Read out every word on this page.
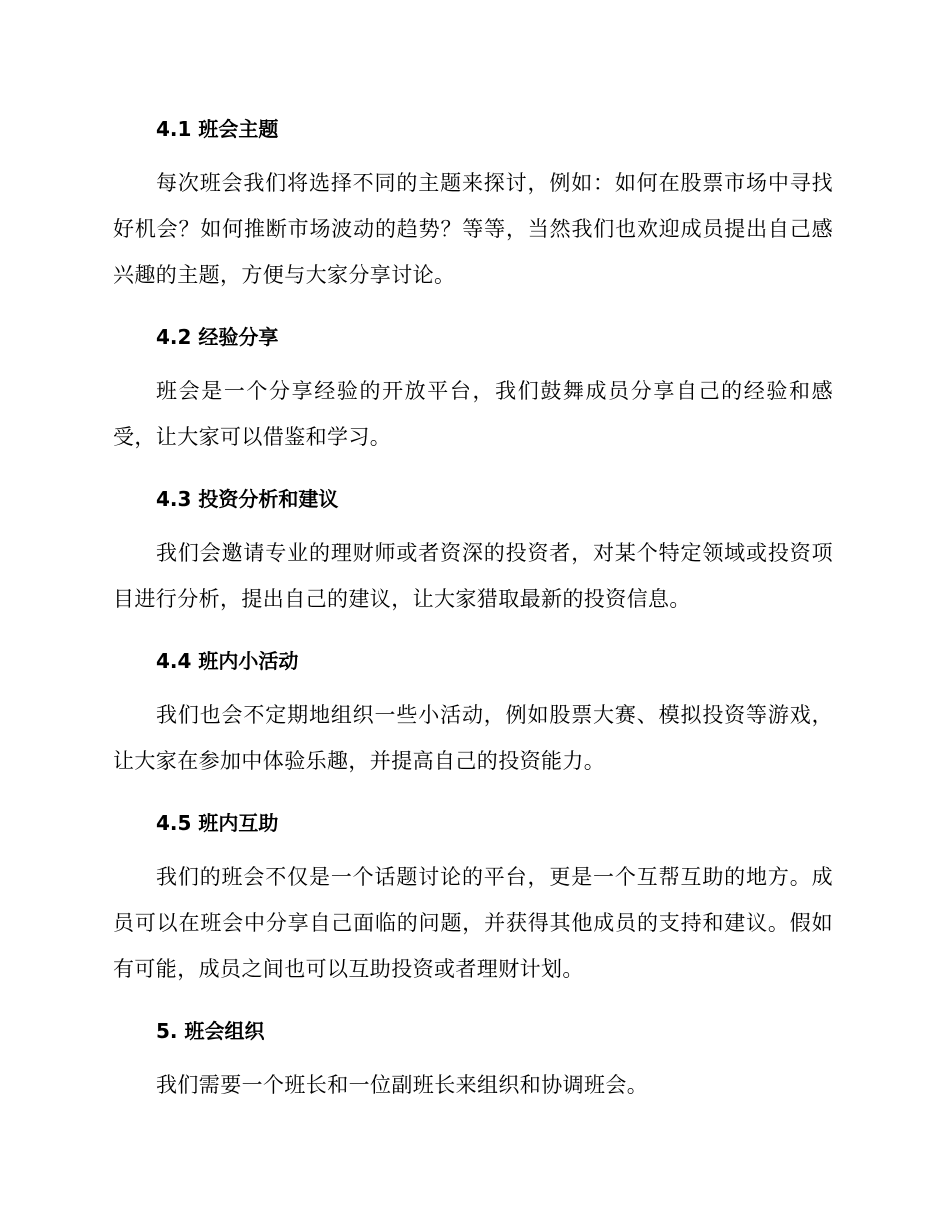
4.1 班会主题

每次班会我们将选择不同的主题来探讨，例如：如何在股票市场中寻找好机会？如何推断市场波动的趋势？等等，当然我们也欢迎成员提出自己感兴趣的主题，方便与大家分享讨论。

4.2 经验分享

班会是一个分享经验的开放平台，我们鼓舞成员分享自己的经验和感受，让大家可以借鉴和学习。

4.3 投资分析和建议

我们会邀请专业的理财师或者资深的投资者，对某个特定领域或投资项目进行分析，提出自己的建议，让大家猎取最新的投资信息。

4.4 班内小活动

我们也会不定期地组织一些小活动，例如股票大赛、模拟投资等游戏，让大家在参加中体验乐趣，并提高自己的投资能力。

4.5 班内互助

我们的班会不仅是一个话题讨论的平台，更是一个互帮互助的地方。成员可以在班会中分享自己面临的问题，并获得其他成员的支持和建议。假如有可能，成员之间也可以互助投资或者理财计划。

5. 班会组织

我们需要一个班长和一位副班长来组织和协调班会。
